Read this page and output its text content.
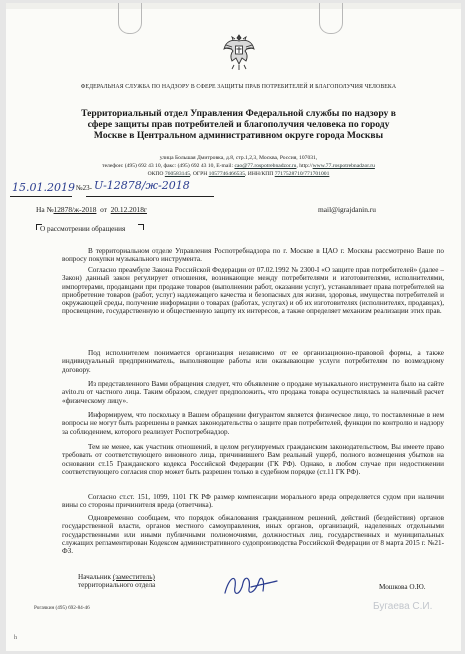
ФЕДЕРАЛЬНАЯ СЛУЖБА ПО НАДЗОРУ В СФЕРЕ ЗАЩИТЫ ПРАВ ПОТРЕБИТЕЛЕЙ И БЛАГОПОЛУЧИЯ ЧЕЛОВЕКА

Территориальный отдел Управления Федеральной службы по надзору в сфере защиты прав потребителей и благополучия человека по городу Москве в Центральном административном округе города Москвы

улица Большая Дмитровка, д.8, стр.1,2,3, Москва, Россия, 107031,
телефон: (495) 692 43 10, факс: (495) 692 43 10, E-mail: cao@77.rospotrebnadzor.ru, http://www.77.rospotrebnadzor.ru
ОКПО 760583145, ОГРН 1057746466535, ИНН/КПП 7717528710/771701001
15.01.2019 №23- U-12878/ж-2018
На №12878/ж-2018 от 20.12.2018г	mail@igrajdanin.ru
О рассмотрении обращения

В территориальном отделе Управления Роспотребнадзора по г. Москве в ЦАО г. Москвы рассмотрено Ваше по вопросу покупки музыкального инструмента.

Согласно преамбуле Закона Российской Федерации от 07.02.1992 № 2300-I «О защите прав потребителей» (далее – Закон) данный закон регулирует отношения, возникающие между потребителями и изготовителями, исполнителями, импортерами, продавцами при продаже товаров (выполнении работ, оказании услуг), устанавливает права потребителей на приобретение товаров (работ, услуг) надлежащего качества и безопасных для жизни, здоровья, имущества потребителей и окружающей среды, получение информации о товарах (работах, услугах) и об их изготовителях (исполнителях, продавцах), просвещение, государственную и общественную защиту их интересов, а также определяет механизм реализации этих прав.

Под исполнителем понимается организация независимо от ее организационно-правовой формы, а также индивидуальный предприниматель, выполняющие работы или оказывающие услуги потребителям по возмездному договору.

Из представленного Вами обращения следует, что объявление о продаже музыкального инструмента было на сайте avito.ru от частного лица. Таким образом, следует предположить, что продажа товара осуществлялась за наличный расчет «физическому лицу».

Информируем, что поскольку в Вашем обращении фигурантом является физическое лицо, то поставленные в нем вопросы не могут быть разрешены в рамках законодательства о защите прав потребителей, функции по контролю и надзору за соблюдением, которого реализует Роспотребнадзор.

Тем не менее, как участник отношений, в целом регулируемых гражданским законодательством, Вы имеете право требовать от соответствующего виновного лица, причинившего Вам реальный ущерб, полного возмещения убытков на основании ст.15 Гражданского кодекса Российской Федерации (ГК РФ). Однако, в любом случае при недостижении соответствующего согласия спор может быть разрешен только в судебном порядке (ст.11 ГК РФ).

Согласно ст.ст. 151, 1099, 1101 ГК РФ размер компенсации морального вреда определяется судом при наличии вины со стороны причинителя вреда (ответчика).

Одновременно сообщаем, что порядок обжалования гражданином решений, действий (бездействия) органов государственной власти, органов местного самоуправления, иных органов, организаций, наделенных отдельными государственными или иными публичными полномочиями, должностных лиц, государственных и муниципальных служащих регламентирован Кодексом административного судопроизводства Российской Федерации от 8 марта 2015 г. №21-ФЗ.

Начальник (заместитель)
территориального отдела	Мошкова О.Ю.
Бугаева С.И.
Рогачкин (495) 692-84-46
h
